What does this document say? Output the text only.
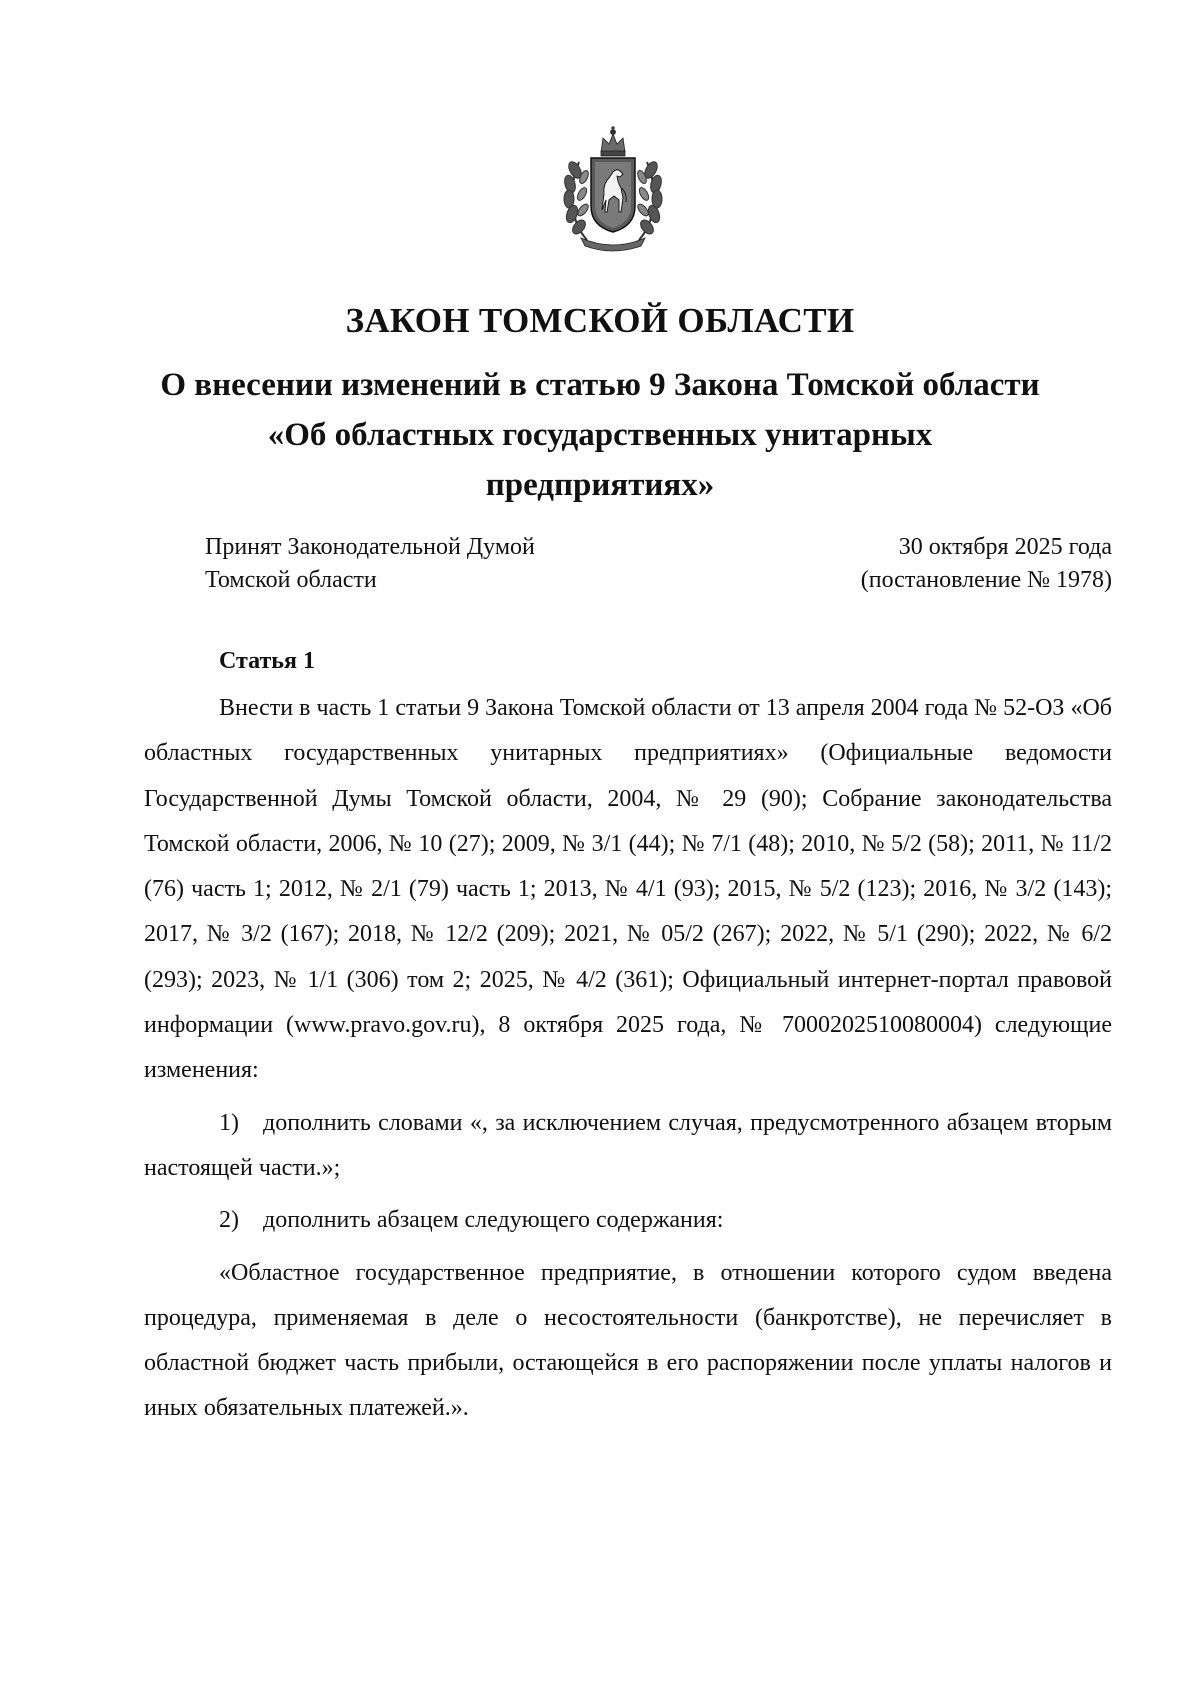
ЗАКОН ТОМСКОЙ ОБЛАСТИ
О внесении изменений в статью 9 Закона Томской области
«Об областных государственных унитарных
предприятиях»
Принят Законодательной Думой
Томской области
30 октября 2025 года
(постановление № 1978)
Статья 1

Внести в часть 1 статьи 9 Закона Томской области от 13 апреля 2004 года № 52-ОЗ «Об областных государственных унитарных предприятиях» (Официальные ведомости Государственной Думы Томской области, 2004, № 29 (90); Собрание законодательства Томской области, 2006, № 10 (27); 2009, № 3/1 (44); № 7/1 (48); 2010, № 5/2 (58); 2011, № 11/2 (76) часть 1; 2012, № 2/1 (79) часть 1; 2013, № 4/1 (93); 2015, № 5/2 (123); 2016, № 3/2 (143); 2017, № 3/2 (167); 2018, № 12/2 (209); 2021, № 05/2 (267); 2022, № 5/1 (290); 2022, № 6/2 (293); 2023, № 1/1 (306) том 2; 2025, № 4/2 (361); Официальный интернет-портал правовой информации (www.pravo.gov.ru), 8 октября 2025 года, № 7000202510080004) следующие изменения:

1) дополнить словами «, за исключением случая, предусмотренного абзацем вторым настоящей части.»;

2) дополнить абзацем следующего содержания:

«Областное государственное предприятие, в отношении которого судом введена процедура, применяемая в деле о несостоятельности (банкротстве), не перечисляет в областной бюджет часть прибыли, остающейся в его распоряжении после уплаты налогов и иных обязательных платежей.».
